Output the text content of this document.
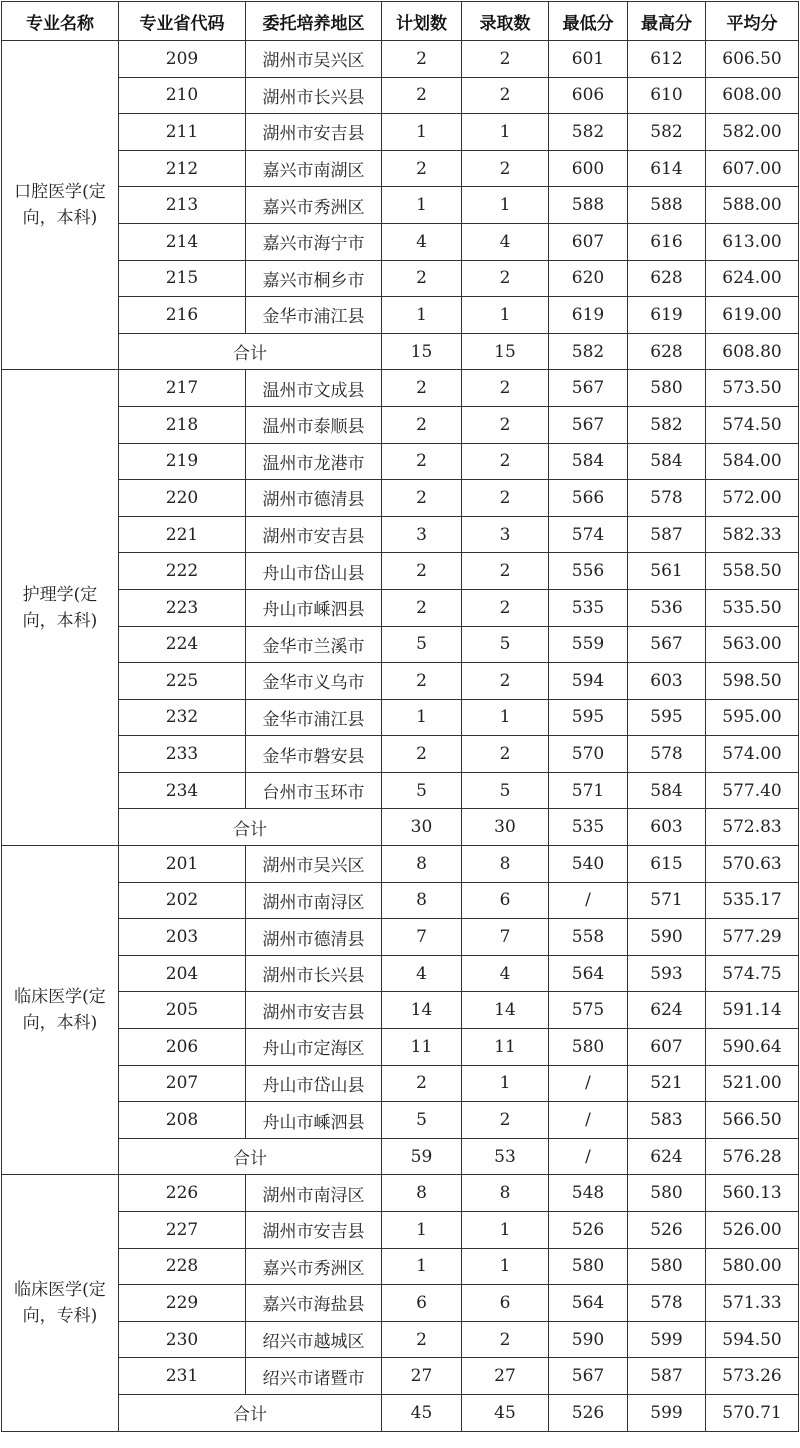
专业名称	专业省代码	委托培养地区	计划数	录取数	最低分	最高分	平均分
口腔医学(定向，本科)	209	湖州市吴兴区	2	2	601	612	606.50
	210	湖州市长兴县	2	2	606	610	608.00
	211	湖州市安吉县	1	1	582	582	582.00
	212	嘉兴市南湖区	2	2	600	614	607.00
	213	嘉兴市秀洲区	1	1	588	588	588.00
	214	嘉兴市海宁市	4	4	607	616	613.00
	215	嘉兴市桐乡市	2	2	620	628	624.00
	216	金华市浦江县	1	1	619	619	619.00
	合计		15	15	582	628	608.80
护理学(定向，本科)	217	温州市文成县	2	2	567	580	573.50
	218	温州市泰顺县	2	2	567	582	574.50
	219	温州市龙港市	2	2	584	584	584.00
	220	湖州市德清县	2	2	566	578	572.00
	221	湖州市安吉县	3	3	574	587	582.33
	222	舟山市岱山县	2	2	556	561	558.50
	223	舟山市嵊泗县	2	2	535	536	535.50
	224	金华市兰溪市	5	5	559	567	563.00
	225	金华市义乌市	2	2	594	603	598.50
	232	金华市浦江县	1	1	595	595	595.00
	233	金华市磐安县	2	2	570	578	574.00
	234	台州市玉环市	5	5	571	584	577.40
	合计		30	30	535	603	572.83
临床医学(定向，本科)	201	湖州市吴兴区	8	8	540	615	570.63
	202	湖州市南浔区	8	6	/	571	535.17
	203	湖州市德清县	7	7	558	590	577.29
	204	湖州市长兴县	4	4	564	593	574.75
	205	湖州市安吉县	14	14	575	624	591.14
	206	舟山市定海区	11	11	580	607	590.64
	207	舟山市岱山县	2	1	/	521	521.00
	208	舟山市嵊泗县	5	2	/	583	566.50
	合计		59	53	/	624	576.28
临床医学(定向，专科)	226	湖州市南浔区	8	8	548	580	560.13
	227	湖州市安吉县	1	1	526	526	526.00
	228	嘉兴市秀洲区	1	1	580	580	580.00
	229	嘉兴市海盐县	6	6	564	578	571.33
	230	绍兴市越城区	2	2	590	599	594.50
	231	绍兴市诸暨市	27	27	567	587	573.26
	合计		45	45	526	599	570.71
